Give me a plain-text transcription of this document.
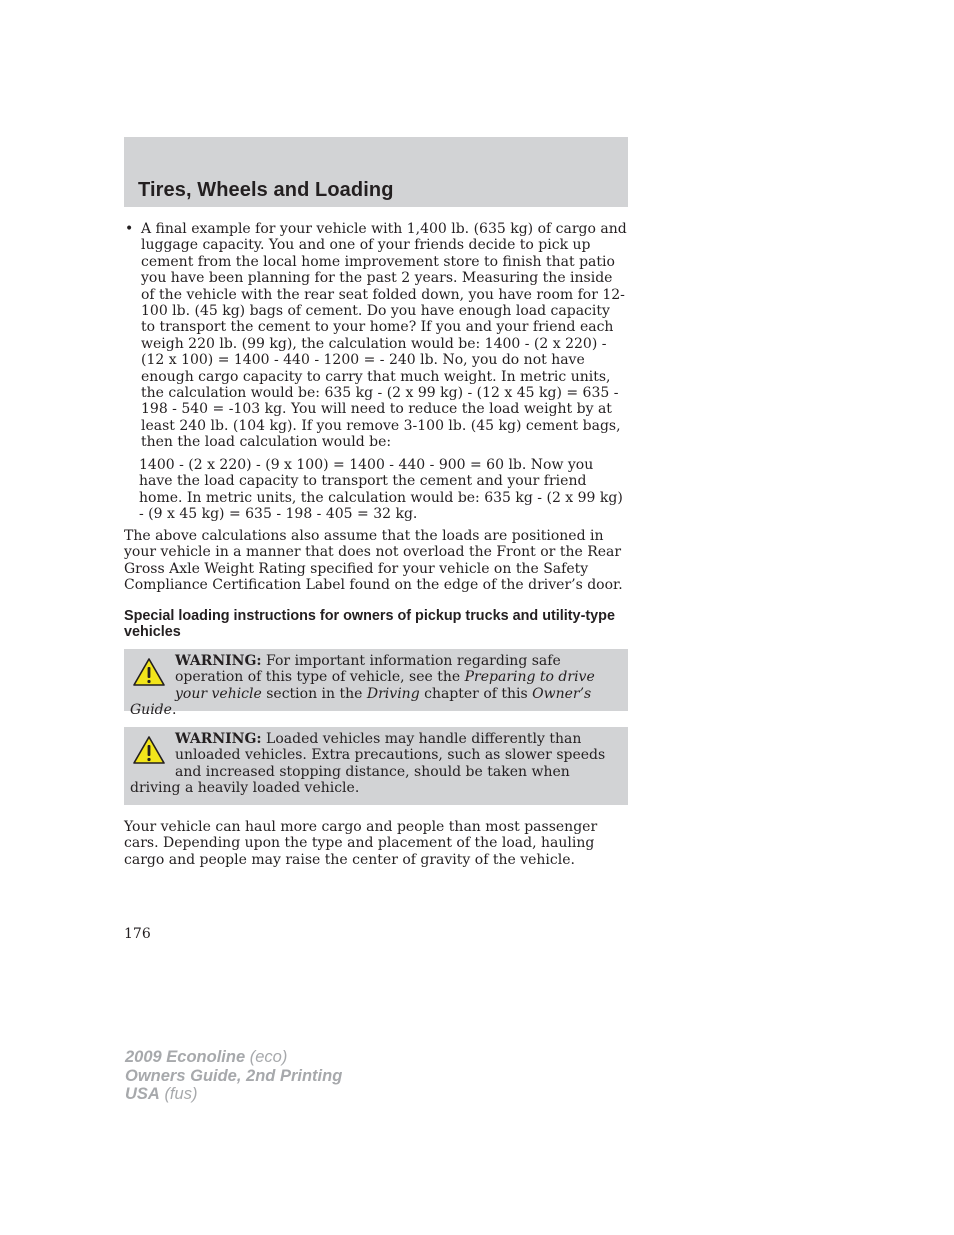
Tires, Wheels and Loading
• A final example for your vehicle with 1,400 lb. (635 kg) of cargo and luggage capacity. You and one of your friends decide to pick up cement from the local home improvement store to finish that patio you have been planning for the past 2 years. Measuring the inside of the vehicle with the rear seat folded down, you have room for 12-100 lb. (45 kg) bags of cement. Do you have enough load capacity to transport the cement to your home? If you and your friend each weigh 220 lb. (99 kg), the calculation would be: 1400 - (2 x 220) - (12 x 100) = 1400 - 440 - 1200 = - 240 lb. No, you do not have enough cargo capacity to carry that much weight. In metric units, the calculation would be: 635 kg - (2 x 99 kg) - (12 x 45 kg) = 635 - 198 - 540 = -103 kg. You will need to reduce the load weight by at least 240 lb. (104 kg). If you remove 3-100 lb. (45 kg) cement bags, then the load calculation would be:
1400 - (2 x 220) - (9 x 100) = 1400 - 440 - 900 = 60 lb. Now you have the load capacity to transport the cement and your friend home. In metric units, the calculation would be: 635 kg - (2 x 99 kg) - (9 x 45 kg) = 635 - 198 - 405 = 32 kg.
The above calculations also assume that the loads are positioned in your vehicle in a manner that does not overload the Front or the Rear Gross Axle Weight Rating specified for your vehicle on the Safety Compliance Certification Label found on the edge of the driver’s door.
Special loading instructions for owners of pickup trucks and utility-type vehicles
WARNING: For important information regarding safe operation of this type of vehicle, see the Preparing to drive your vehicle section in the Driving chapter of this Owner’s Guide.
WARNING: Loaded vehicles may handle differently than unloaded vehicles. Extra precautions, such as slower speeds and increased stopping distance, should be taken when driving a heavily loaded vehicle.
Your vehicle can haul more cargo and people than most passenger cars. Depending upon the type and placement of the load, hauling cargo and people may raise the center of gravity of the vehicle.
176
2009 Econoline (eco)
Owners Guide, 2nd Printing
USA (fus)
